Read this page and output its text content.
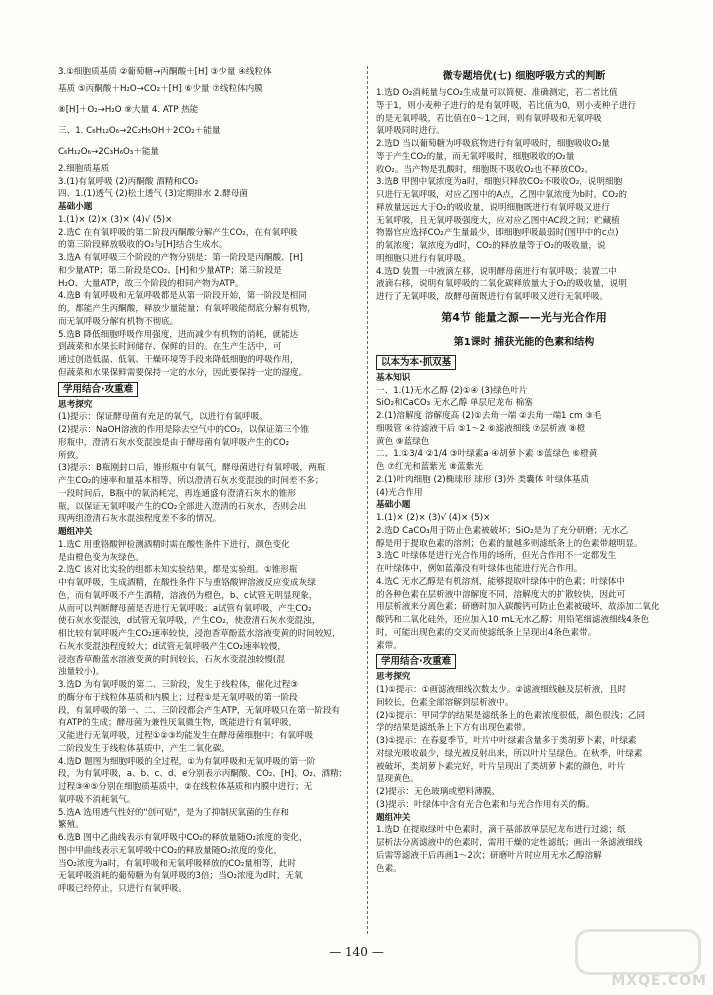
3.①细胞质基质 ②葡萄糖→丙酮酸＋[H] ③少量 ④线粒体
基质 ⑤丙酮酸＋H₂O→CO₂＋[H] ⑥少量 ⑦线粒体内膜
⑧[H]＋O₂→H₂O ⑨大量 4. ATP 热能
三、1. C₆H₁₂O₆→2C₂H₅OH＋2CO₂＋能量
C₆H₁₂O₆→2C₃H₆O₃＋能量
2.细胞质基质
3.(1)有氧呼吸 (2)丙酮酸 酒精和CO₂
四、1.(1)透气 (2)松土透气 (3)定期排水 2.酵母菌
基础小题
1.(1)× (2)× (3)× (4)√ (5)×
2.选C 在有氧呼吸的第二阶段丙酮酸分解产生CO₂，在有氧呼吸
的第三阶段释放吸收的O₂与[H]结合生成水。
3.选A 有氧呼吸三个阶段的产物分别是：第一阶段是丙酮酸、[H]
和少量ATP；第二阶段是CO₂、[H]和少量ATP；第三阶段是
H₂O、大量ATP，故三个阶段的相同产物为ATP。
4.选B 有氧呼吸和无氧呼吸都是从第一阶段开始，第一阶段是相同
的，都能产生丙酮酸，释放少量能量；有氧呼吸能彻底分解有机物，
而无氧呼吸分解有机物不彻底。
5.选B 降低细胞呼吸作用强度，进而减少有机物的消耗，就能达
到蔬菜和水果长时间储存、保鲜的目的。在生产生活中，可
通过创造低温、低氧、干燥环境等手段来降低细胞的呼吸作用，
但蔬菜和水果保鲜需要保持一定的水分，因此要保持一定的湿度。
学用结合·攻重难
思考探究
(1)提示：保证酵母菌有充足的氧气，以进行有氧呼吸。
(2)提示：NaOH溶液的作用是除去空气中的CO₂，以保证第三个锥
形瓶中，澄清石灰水变混浊是由于酵母菌有氧呼吸产生的CO₂
所致。
(3)提示：B瓶刚封口后，锥形瓶中有氧气，酵母菌进行有氧呼吸，两瓶
产生CO₂的速率和量基本相等，所以澄清石灰水变混浊的时间差不多；
一段时间后，B瓶中的氧消耗完，再连通盛有澄清石灰水的锥形
瓶，以保证无氧呼吸产生的CO₂全部进入澄清的石灰水，否则会出
现两组澄清石灰水混浊程度差不多的情况。
题组冲关
1.选C 用重铬酸钾检测酒精时需在酸性条件下进行，颜色变化
是由橙色变为灰绿色。
2.选C 该对比实验的组都未知实验结果，都是实验组。①锥形瓶
中有氧呼吸，生成酒精，在酸性条件下与重铬酸钾溶液反应变成灰绿
色，而有氧呼吸不产生酒精，溶液仍为橙色，b、c试管无明显现象，
从而可以判断酵母菌是否进行无氧呼吸；a试管有氧呼吸，产生CO₂
使石灰水变混浊，d试管无氧呼吸，产生CO₂，使澄清石灰水变混浊，
相比较有氧呼吸产生CO₂速率较快，浸泡香草酚蓝水溶液变黄的时间较短，
石灰水变混浊程度较大；d试管无氧呼吸产生CO₂速率较慢，
浸泡香草酚蓝水溶液变黄的时间较长，石灰水变混浊较慢(混
浊量较小)。
3.选D 为有氧呼吸的第二、三阶段，发生于线粒体，催化过程③
的酶分布于线粒体基质和内膜上；过程①是无氧呼吸的第一阶段
段，有氧呼吸的第一、二、三阶段都会产生ATP，无氧呼吸只在第一阶段有
有ATP的生成；酵母菌为兼性厌氧微生物，既能进行有氧呼吸，
又能进行无氧呼吸，过程①②③均能发生在酵母菌细胞中；有氧呼吸
二阶段发生于线粒体基质中，产生二氧化碳。
4.选D 题图为细胞呼吸的全过程，①为有氧呼吸和无氧呼吸的第一阶
段，为有氧呼吸，a、b、c、d、e分别表示丙酮酸、CO₂、[H]、O₂、酒精；
过程③④⑤分别在细胞质基质中，②在线粒体基质和内膜中进行；无
氧呼吸不消耗氧气。
5.选A 选用透气性好的"创可贴"，是为了抑制厌氧菌的生存和
繁殖。
6.选B 图中乙曲线表示有氧呼吸中CO₂的释放量随O₂浓度的变化，
图中甲曲线表示无氧呼吸中CO₂的释放量随O₂浓度的变化，
当O₂浓度为a时，有氧呼吸和无氧呼吸释放的CO₂量相等，此时
无氧呼吸消耗的葡萄糖为有氧呼吸的3倍；当O₂浓度为d时，无氧
呼吸已经停止，只进行有氧呼吸。
微专题培优(七) 细胞呼吸方式的判断
1.选D O₂消耗量与CO₂生成量可以简便、准确测定，若二者比值
等于1，则小麦种子进行的是有氧呼吸，若比值为0，则小麦种子进行
的是无氧呼吸，若比值在0～1之间，则有氧呼吸和无氧呼吸
氧呼吸同时进行。
2.选D 当以葡萄糖为呼吸底物进行有氧呼吸时，细胞吸收O₂量
等于产生CO₂的量，而无氧呼吸时，细胞吸收的O₂量
收O₂。当产物是乳酸时，细胞既不吸收O₂也不释放CO₂。
3.选B 甲图中氧浓度为a时，细胞只释放CO₂不吸收O₂，说明细胞
只进行无氧呼吸，对应乙图中的A点，乙图中氧浓度为b时，CO₂的
释放量远远大于O₂的吸收量，说明细胞既进行有氧呼吸又进行
无氧呼吸，且无氧呼吸强度大，应对应乙图中AC段之间；贮藏植
物器官应选择CO₂产生量最少，即细胞呼吸最弱时(图甲中的c点)
的氧浓度；氧浓度为d时，CO₂的释放量等于O₂的吸收量，说
明细胞只进行有氧呼吸。
4.选D 装置一中液滴左移，说明酵母菌进行有氧呼吸；装置二中
液滴右移，说明有氧呼吸的二氧化碳释放量大于O₂的吸收量，说明
进行了无氧呼吸，故酵母菌既进行有氧呼吸又进行无氧呼吸。
第4节 能量之源——光与光合作用
第1课时 捕获光能的色素和结构
以本为本·抓双基
基本知识
一、1.(1)无水乙醇 (2)①④ (3)绿色叶片
SiO₂和CaCO₃ 无水乙醇 单层尼龙布 棉塞
2.(1)溶解度 溶解度高 (2)①去角一端 ②去角一端1 cm ③毛
细吸管 ④待滤液干后 ⑤1～2 ⑥滤液细线 ⑦层析液 ⑧橙
黄色 ⑨蓝绿色
二、1.①3/4 ②1/4 ③叶绿素a ④胡萝卜素 ⑤蓝绿色 ⑥橙黄
色 ⑦红光和蓝紫光 ⑧蓝紫光
2.(1)叶肉细胞 (2)椭球形 球形 (3)外 类囊体 叶绿体基质
(4)光合作用
基础小题
1.(1)× (2)× (3)√ (4)× (5)×
2.选D CaCO₃用于防止色素被破坏；SiO₂是为了充分研磨；无水乙
醇是用于提取色素的溶剂；色素的量越多则滤纸条上的色素带越明显。
3.选C 叶绿体是进行光合作用的场所，但光合作用不一定都发生
在叶绿体中，例如蓝藻没有叶绿体也能进行光合作用。
4.选C 无水乙醇是有机溶剂，能够提取叶绿体中的色素；叶绿体中
的各种色素在层析液中溶解度不同，溶解度大的扩散较快，因此可
用层析液来分离色素；研磨时加入碳酸钙可防止色素被破坏，故添加二氧化
酸钙和二氧化硅外，还应加入10 mL无水乙醇；用铅笔细滤液细线4条色
时，可能出现色素的交叉而使滤纸条上呈现出4条色素带。
素带。
学用结合·攻重难
思考探究
(1)①提示：①画滤液细线次数太少。②滤液细线触及层析液，且时
间较长，色素全部溶解到层析液中。
(2)①提示：甲同学的结果是滤纸条上的色素浓度很低，颜色很浅；乙同
学的结果是滤纸条上下方有出现色素带。
(3)①提示：在春夏季节，叶片中叶绿素含量多于类胡萝卜素，叶绿素
对绿光吸收最少，绿光被反射出来，所以叶片呈绿色。在秋季，叶绿素
被破坏，类胡萝卜素完好，叶片呈现出了类胡萝卜素的颜色，叶片
显现黄色。
(2)提示：无色玻璃或塑料薄膜。
(3)提示：叶绿体中含有光合色素和与光合作用有关的酶。
题组冲关
1.选D 在提取绿叶中色素时，滴干基部放单层尼龙布进行过滤；纸
层析法分离滤液中的色素时，需用干燥的定性滤纸；画出一条滤液细线
后需等滤液干后再画1～2次；研磨叶片时应用无水乙醇溶解
色素。
— 140 —
MXQE.COM
